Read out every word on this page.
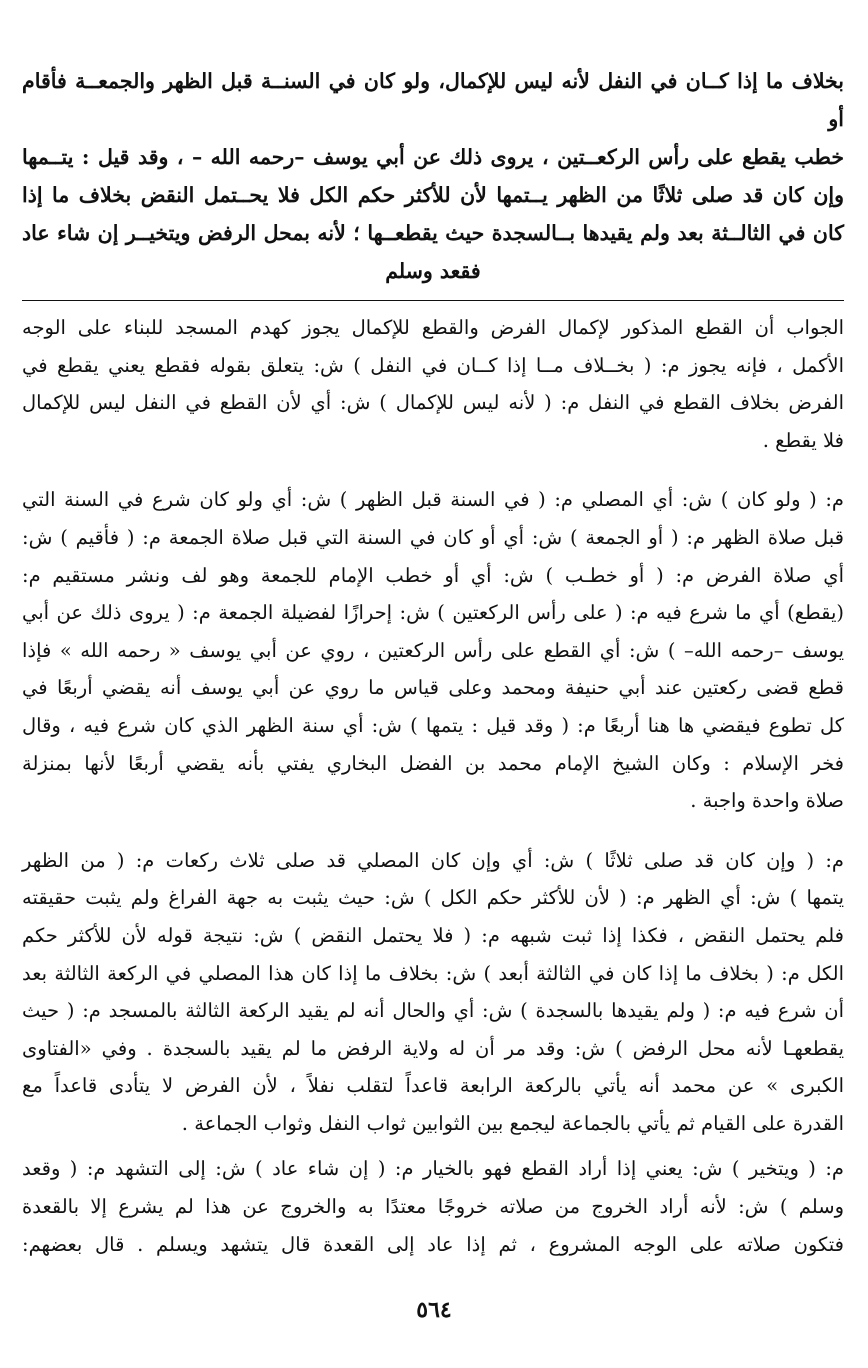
بخلاف ما إذا كــان في النفل لأنه ليس للإكمال، ولو كان في السنــة قبل الظهر والجمعــة فأقام أو
خطب يقطع على رأس الركعــتين ، يروى ذلك عن أبي يوسف –رحمه الله – ، وقد قيل : يتــمها
وإن كان قد صلى ثلاثًا من الظهر يــتمها لأن للأكثر حكم الكل فلا يحــتمل النقض بخلاف ما إذا
كان في الثالــثة بعد ولم يقيدها بــالسجدة حيث يقطعــها ؛ لأنه بمحل الرفض ويتخيــر إن شاء عاد
فقعد وسلم
الجواب أن القطع المذكور لإكمال الفرض والقطع للإكمال يجوز كهدم المسجد للبناء على الوجه
الأكمل ، فإنه يجوز م: ( بخــلاف مــا إذا كــان في النفل ) ش: يتعلق بقوله فقطع يعني يقطع في
الفرض بخلاف القطع في النفل م: ( لأنه ليس للإكمال ) ش: أي لأن القطع في النفل ليس للإكمال
فلا يقطع .
م: ( ولو كان ) ش: أي المصلي م: ( في السنة قبل الظهر ) ش: أي ولو كان شرع في السنة التي
قبل صلاة الظهر م: ( أو الجمعة ) ش: أي أو كان في السنة التي قبل صلاة الجمعة م: ( فأقيم ) ش:
أي صلاة الفرض م: ( أو خطـب ) ش: أي أو خطب الإمام للجمعة وهو لف ونشر مستقيم م:
(يقطع) أي ما شرع فيه م: ( على رأس الركعتين ) ش: إحرازًا لفضيلة الجمعة م: ( يروى ذلك عن أبي
يوسف –رحمه الله– ) ش: أي القطع على رأس الركعتين ، روي عن أبي يوسف « رحمه الله » فإذا
قطع قضى ركعتين عند أبي حنيفة ومحمد وعلى قياس ما روي عن أبي يوسف أنه يقضي أربعًا في
كل تطوع فيقضي ها هنا أربعًا م: ( وقد قيل : يتمها ) ش: أي سنة الظهر الذي كان شرع فيه ، وقال
فخر الإسلام : وكان الشيخ الإمام محمد بن الفضل البخاري يفتي بأنه يقضي أربعًا لأنها بمنزلة
صلاة واحدة واجبة .
م: ( وإن كان قد صلى ثلاثًا ) ش: أي وإن كان المصلي قد صلى ثلاث ركعات م: ( من الظهر
يتمها ) ش: أي الظهر م: ( لأن للأكثر حكم الكل ) ش: حيث يثبت به جهة الفراغ ولم يثبت حقيقته
فلم يحتمل النقض ، فكذا إذا ثبت شبهه م: ( فلا يحتمل النقض ) ش: نتيجة قوله لأن للأكثر حكم
الكل م: ( بخلاف ما إذا كان في الثالثة أبعد ) ش: بخلاف ما إذا كان هذا المصلي في الركعة الثالثة بعد
أن شرع فيه م: ( ولم يقيدها بالسجدة ) ش: أي والحال أنه لم يقيد الركعة الثالثة بالمسجد م: ( حيث
يقطعهـا لأنه محل الرفض ) ش: وقد مر أن له ولاية الرفض ما لم يقيد بالسجدة . وفي «الفتاوى
الكبرى » عن محمد أنه يأتي بالركعة الرابعة قاعداً لتقلب نفلاً ، لأن الفرض لا يتأدى قاعداً مع
القدرة على القيام ثم يأتي بالجماعة ليجمع بين الثوابين ثواب النفل وثواب الجماعة .
م: ( ويتخير ) ش: يعني إذا أراد القطع فهو بالخيار م: ( إن شاء عاد ) ش: إلى التشهد م: ( وقعد
وسلم ) ش: لأنه أراد الخروج من صلاته خروجًا معتدًا به والخروج عن هذا لم يشرع إلا بالقعدة
فتكون صلاته على الوجه المشروع ، ثم إذا عاد إلى القعدة قال يتشهد ويسلم . قال بعضهم:
٥٦٤
